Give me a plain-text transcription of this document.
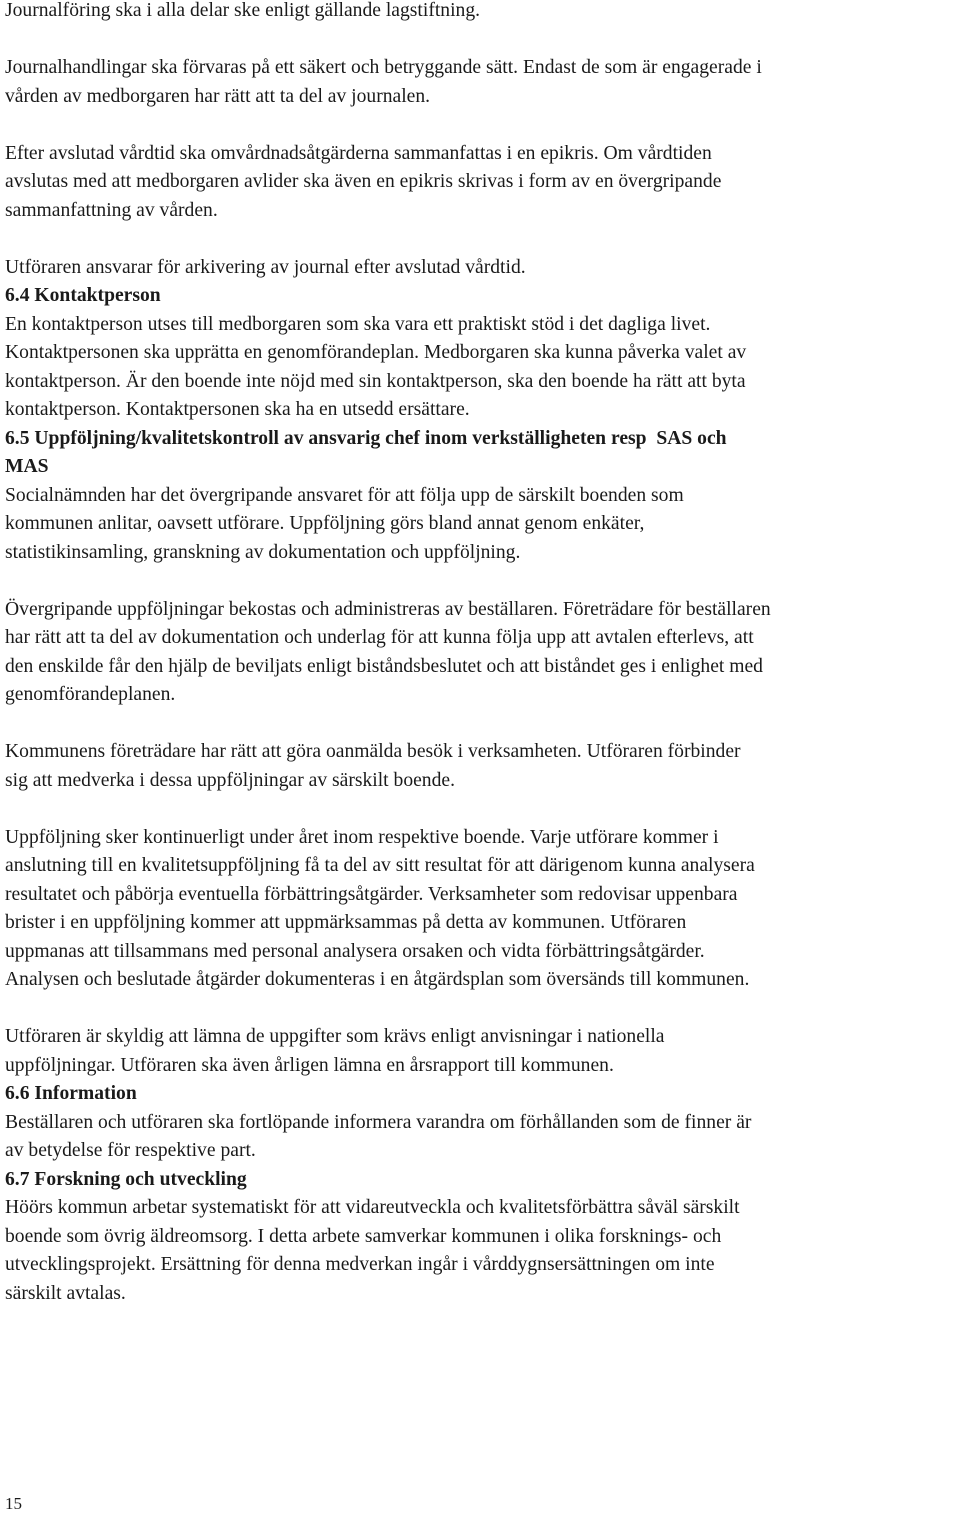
Journalföring ska i alla delar ske enligt gällande lagstiftning.

Journalhandlingar ska förvaras på ett säkert och betryggande sätt. Endast de som är engagerade i
vården av medborgaren har rätt att ta del av journalen.

Efter avslutad vårdtid ska omvårdnadsåtgärderna sammanfattas i en epikris. Om vårdtiden
avslutas med att medborgaren avlider ska även en epikris skrivas i form av en övergripande
sammanfattning av vården.

Utföraren ansvarar för arkivering av journal efter avslutad vårdtid.

6.4 Kontaktperson

En kontaktperson utses till medborgaren som ska vara ett praktiskt stöd i det dagliga livet.
Kontaktpersonen ska upprätta en genomförandeplan. Medborgaren ska kunna påverka valet av
kontaktperson. Är den boende inte nöjd med sin kontaktperson, ska den boende ha rätt att byta
kontaktperson. Kontaktpersonen ska ha en utsedd ersättare.

6.5 Uppföljning/kvalitetskontroll av ansvarig chef inom verkställigheten resp  SAS och
MAS

Socialnämnden har det övergripande ansvaret för att följa upp de särskilt boenden som
kommunen anlitar, oavsett utförare. Uppföljning görs bland annat genom enkäter,
statistikinsamling, granskning av dokumentation och uppföljning.

Övergripande uppföljningar bekostas och administreras av beställaren. Företrädare för beställaren
har rätt att ta del av dokumentation och underlag för att kunna följa upp att avtalen efterlevs, att
den enskilde får den hjälp de beviljats enligt biståndsbeslutet och att biståndet ges i enlighet med
genomförandeplanen.

Kommunens företrädare har rätt att göra oanmälda besök i verksamheten. Utföraren förbinder
sig att medverka i dessa uppföljningar av särskilt boende.

Uppföljning sker kontinuerligt under året inom respektive boende. Varje utförare kommer i
anslutning till en kvalitetsuppföljning få ta del av sitt resultat för att därigenom kunna analysera
resultatet och påbörja eventuella förbättringsåtgärder. Verksamheter som redovisar uppenbara
brister i en uppföljning kommer att uppmärksammas på detta av kommunen. Utföraren
uppmanas att tillsammans med personal analysera orsaken och vidta förbättringsåtgärder.
Analysen och beslutade åtgärder dokumenteras i en åtgärdsplan som översänds till kommunen.

Utföraren är skyldig att lämna de uppgifter som krävs enligt anvisningar i nationella
uppföljningar. Utföraren ska även årligen lämna en årsrapport till kommunen.

6.6 Information

Beställaren och utföraren ska fortlöpande informera varandra om förhållanden som de finner är
av betydelse för respektive part.

6.7 Forskning och utveckling

Höörs kommun arbetar systematiskt för att vidareutveckla och kvalitetsförbättra såväl särskilt
boende som övrig äldreomsorg. I detta arbete samverkar kommunen i olika forsknings- och
utvecklingsprojekt. Ersättning för denna medverkan ingår i vårddygnsersättningen om inte
särskilt avtalas.

15
